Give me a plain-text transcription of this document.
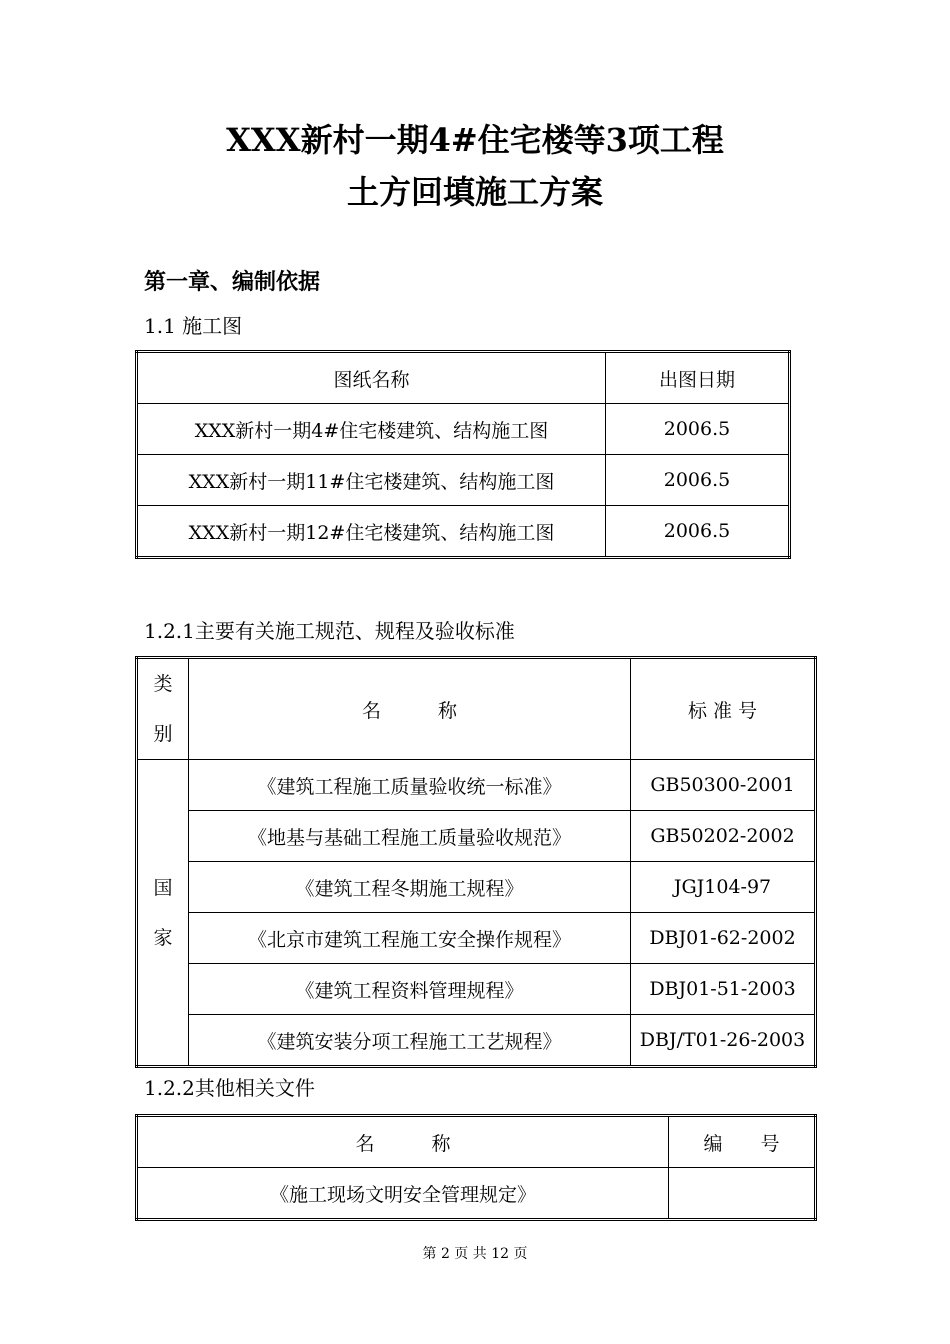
XXX新村一期4#住宅楼等3项工程
土方回填施工方案
第一章、编制依据
1.1 施工图
图纸名称	出图日期
XXX新村一期4#住宅楼建筑、结构施工图	2006.5
XXX新村一期11#住宅楼建筑、结构施工图	2006.5
XXX新村一期12#住宅楼建筑、结构施工图	2006.5
1.2.1主要有关施工规范、规程及验收标准
类
别	名　　　称	标 准 号

国
家	《建筑工程施工质量验收统一标准》	GB50300-2001
	《地基与基础工程施工质量验收规范》	GB50202-2002
	《建筑工程冬期施工规程》	JGJ104-97
	《北京市建筑工程施工安全操作规程》	DBJ01-62-2002
	《建筑工程资料管理规程》	DBJ01-51-2003
	《建筑安装分项工程施工工艺规程》	DBJ/T01-26-2003
1.2.2其他相关文件
名　　　称	编　　号
《施工现场文明安全管理规定》	
第 2 页 共 12 页
